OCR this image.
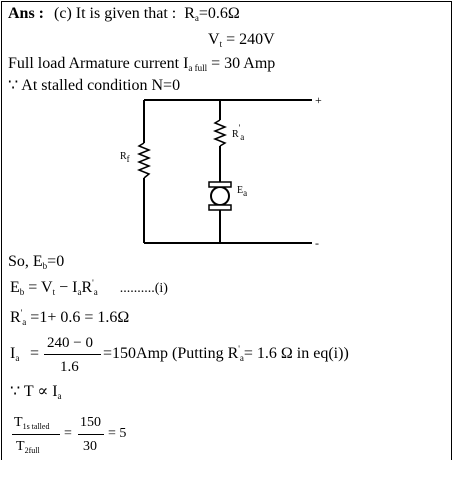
Ans : (c) It is given that : $R_a=0.6\Omega$
$V_t = 240V$
Full load Armature current $I_{a full} = 30$ Amp
∵ At stalled condition N=0
+
-
$R_f$
$R'_a$
$E_a$
So, $E_b=0$
$E_b = V_t - I_aR'_a$ ..........(i)
$R'_a =1+ 0.6 = 1.6\Omega$
$I_a$ =
240 − 0
1.6
=150Amp (Putting $R'_a= 1.6$ Ω in eq(i))
∵ $T \propto I_a$
$T_{1s talled}$
$T_{2full}$
=
150
30
= 5
